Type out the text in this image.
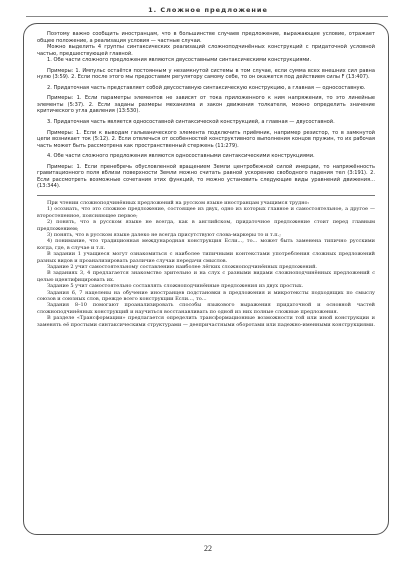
1. Сложное предложение

Поэтому важно сообщить иностранцам, что в большинстве случаев предложение, выражающее условие, отражает общее положение, а реализация условия — частные случаи.

Можно выделить 4 группы синтаксических реализаций сложноподчинённых конструкций с придаточной условной частью, предшествующей главной.

1. Обе части сложного предложения являются двусоставными синтаксическими конструкциями.

Примеры: 1. Импульс остаётся постоянным у незамкнутой системы в том случае, если сумма всех внешних сил равна нулю (3:59). 2. Если после этого мы предоставим регулятору самому себе, то он окажется под действием силы F (13:407).

2. Придаточная часть представляет собой двусоставную синтаксическую конструкцию, а главная — односоставную.

Примеры: 1. Если параметры элементов не зависят от тока приложенного к ним напряжения, то это линейные элементы (5:37). 2. Если заданы размеры механизма и закон движения толкателя, можно определить значение критического угла давления (13:530).

3. Придаточная часть является односоставной синтаксической конструкцией, а главная — двусоставной.

Примеры: 1. Если к выводам гальванического элемента подключить приёмник, например резистор, то в замкнутой цепи возникает ток (5:12). 2. Если отвлечься от особенностей конструктивного выполнения концов пружин, то их рабочая часть может быть рассмотрена как пространственный стержень (11:279).

4. Обе части сложного предложения являются односоставными синтаксическими конструкциями.

Примеры: 1. Если пренебречь обусловленной вращением Земли центробежной силой инерции, то напряжённость гравитационного поля вблизи поверхности Земли можно считать равной ускорению свободного падения тел (3:191). 2. Если рассмотреть возможные сочетания этих функций, то можно установить следующие виды уравнений движения... (13:344).

При чтении сложноподчинённых предложений на русском языке иностранцам учащимся трудно:

1) осознать, что это сложное предложение, состоящее из двух, одно из которых главное и самостоятельное, а другое — второстепенное, поясняющее первое;

2) понять, что в русском языке не всегда, как в английском, придаточное предложение стоит перед главным предложением;

3) понять, что в русском языке далеко не всегда присутствуют слова-маркеры то и т.п.;

4) понимание, что традиционная международная конструкция Если..., то... может быть заменена типично русскими когда, где, в случае и т.п.

В задании 1 учащиеся могут ознакомиться с наиболее типичными контекстами употребления сложных предложений разных видов и проанализировать различие случаи передачи смыслов.

Задание 2 учит самостоятельному составлению наиболее лёгких сложноподчинённых предложений.

В заданиях 3, 4 предлагается знакомство зрительно и на слух с разными видами сложноподчинённых предложений с целью идентифицировать их.

Задание 5 учит самостоятельно составлять сложноподчинённые предложения из двух простых.

Задания 6, 7 нацелены на обучение иностранцев подстановки в предложения и микротексты подходящих по смыслу союзов и союзных слов, прежде всего конструкции Если..., то...

Задания 8–10 помогают проанализировать способы языкового выражения придаточной и основной частей сложноподчинённых конструкций и научиться восстанавливать по одной из них полные сложные предложения.

В разделе «Трансформации» предлагается определить трансформационные возможности той или иной конструкции и заменять её простыми синтаксическими структурами — деепричастными оборотами или падежно-именными конструкциями.

22
